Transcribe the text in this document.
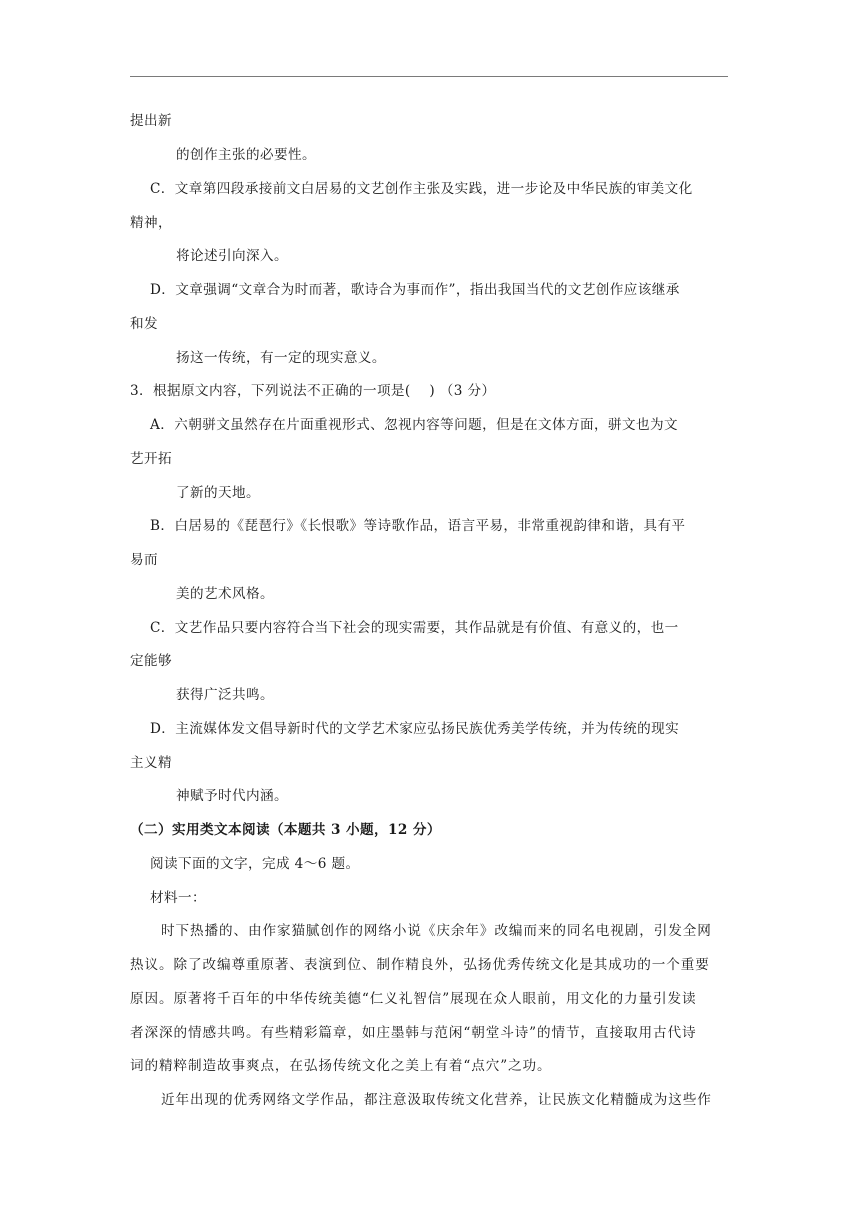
提出新
的创作主张的必要性。
C．文章第四段承接前文白居易的文艺创作主张及实践，进一步论及中华民族的审美文化
精神，
将论述引向深入。
D．文章强调“文章合为时而著，歌诗合为事而作”，指出我国当代的文艺创作应该继承
和发
扬这一传统，有一定的现实意义。
3．根据原文内容，下列说法不正确的一项是(　 ) （3 分）
A．六朝骈文虽然存在片面重视形式、忽视内容等问题，但是在文体方面，骈文也为文
艺开拓
了新的天地。
B．白居易的《琵琶行》《长恨歌》等诗歌作品，语言平易，非常重视韵律和谐，具有平
易而
美的艺术风格。
C．文艺作品只要内容符合当下社会的现实需要，其作品就是有价值、有意义的，也一
定能够
获得广泛共鸣。
D．主流媒体发文倡导新时代的文学艺术家应弘扬民族优秀美学传统，并为传统的现实
主义精
神赋予时代内涵。
（二）实用类文本阅读（本题共 3 小题，12 分）
阅读下面的文字，完成 4～6 题。
材料一：
时下热播的、由作家猫腻创作的网络小说《庆余年》改编而来的同名电视剧，引发全网
热议。除了改编尊重原著、表演到位、制作精良外，弘扬优秀传统文化是其成功的一个重要
原因。原著将千百年的中华传统美德“仁义礼智信”展现在众人眼前，用文化的力量引发读
者深深的情感共鸣。有些精彩篇章，如庄墨韩与范闲“朝堂斗诗”的情节，直接取用古代诗
词的精粹制造故事爽点，在弘扬传统文化之美上有着“点穴”之功。
近年出现的优秀网络文学作品，都注意汲取传统文化营养，让民族文化精髓成为这些作
